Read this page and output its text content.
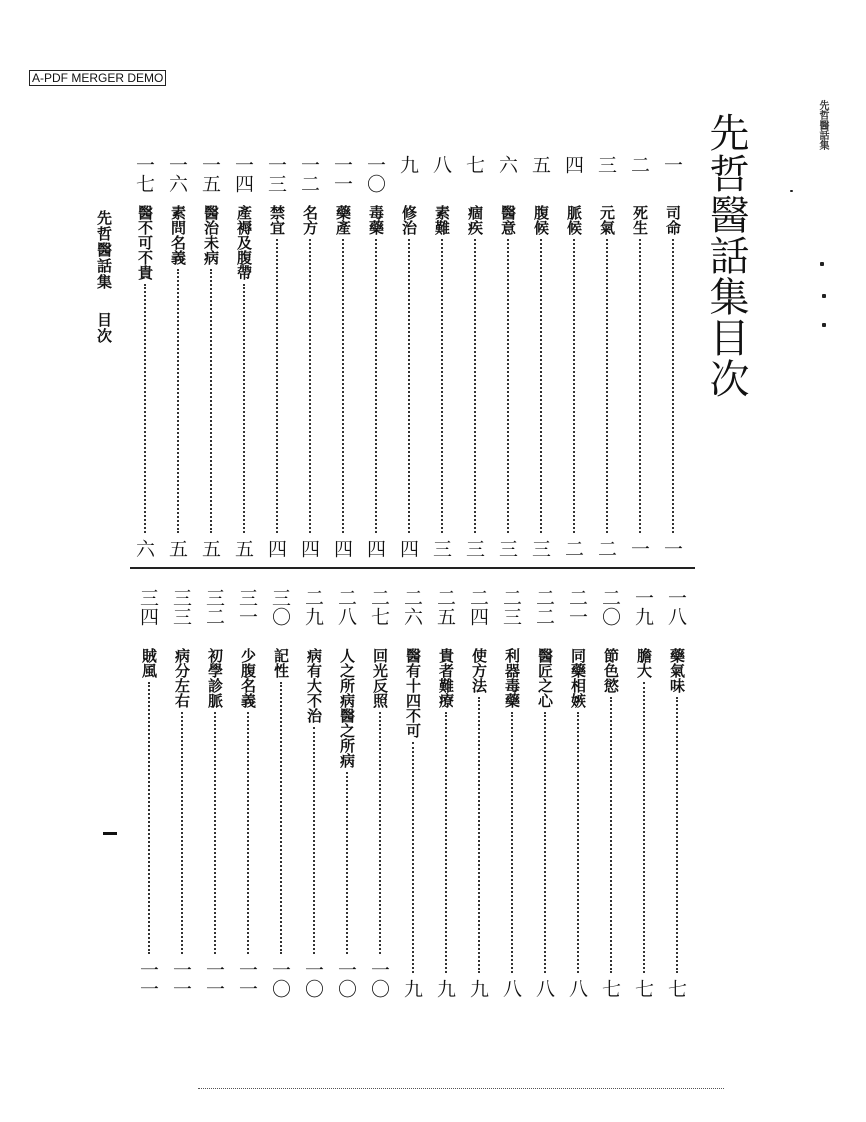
A-PDF MERGER DEMO
先哲醫話集目次
先哲醫話集目次
先哲醫話集
一
司命
一
二
死生
一
三
元氣
二
四
脈候
二
五
腹候
三
六
醫意
三
七
痼疾
三
八
素難
三
九
修治
四
一〇
毒藥
四
一一
藥產
四
一二
名方
四
一三
禁宜
四
一四
產褥及腹帶
五
一五
醫治未病
五
一六
素問名義
五
一七
醫不可不貴
六
一八
藥氣味
七
一九
膽大
七
二〇
節色慾
七
二一
同藥相嫉
八
二二
醫匠之心
八
二三
利器毒藥
八
二四
使方法
九
二五
貴者難療
九
二六
醫有十四不可
九
二七
回光反照
一〇
二八
人之所病醫之所病
一〇
二九
病有大不治
一〇
三〇
記性
一〇
三一
少腹名義
一一
三二
初學診脈
一一
三三
病分左右
一一
三四
賊風
一一
